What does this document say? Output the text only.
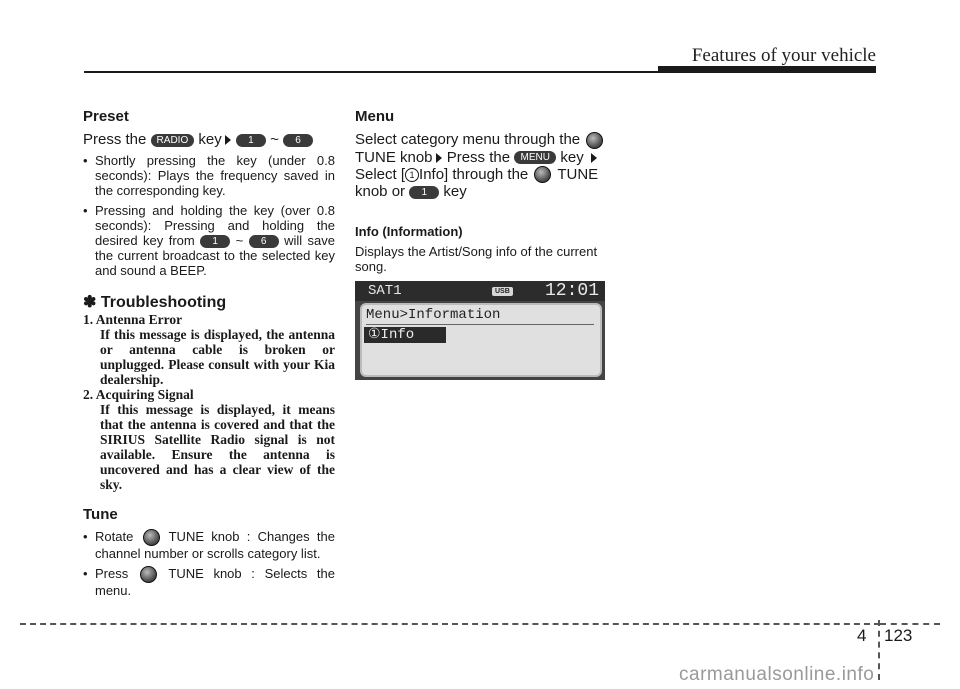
Features of your vehicle
Preset
Press the RADIO key	1 ~ 6
• Shortly pressing the key (under 0.8 seconds): Plays the frequency saved in the corresponding key.
• Pressing and holding the key (over 0.8 seconds): Pressing and holding the desired key from 1 ~ 6 will save the current broadcast to the selected key and sound a BEEP.
✽ Troubleshooting
1. Antenna Error
If this message is displayed, the antenna or antenna cable is broken or unplugged. Please consult with your Kia dealership.
2. Acquiring Signal
If this message is displayed, it means that the antenna is covered and that the SIRIUS Satellite Radio signal is not available. Ensure the antenna is uncovered and has a clear view of the sky.
Tune
• Rotate	TUNE knob : Changes the channel number or scrolls category list.
• Press	TUNE knob : Selects the menu.
Menu
Select category menu through the  TUNE knob Press the MENU key Select [ 1 Info] through the TUNE knob or 1 key
Info (Information)
Displays the Artist/Song info of the current song.
SAT1	USB 12:01
Menu>Information
①Info
4 123
carmanualsonline.info
